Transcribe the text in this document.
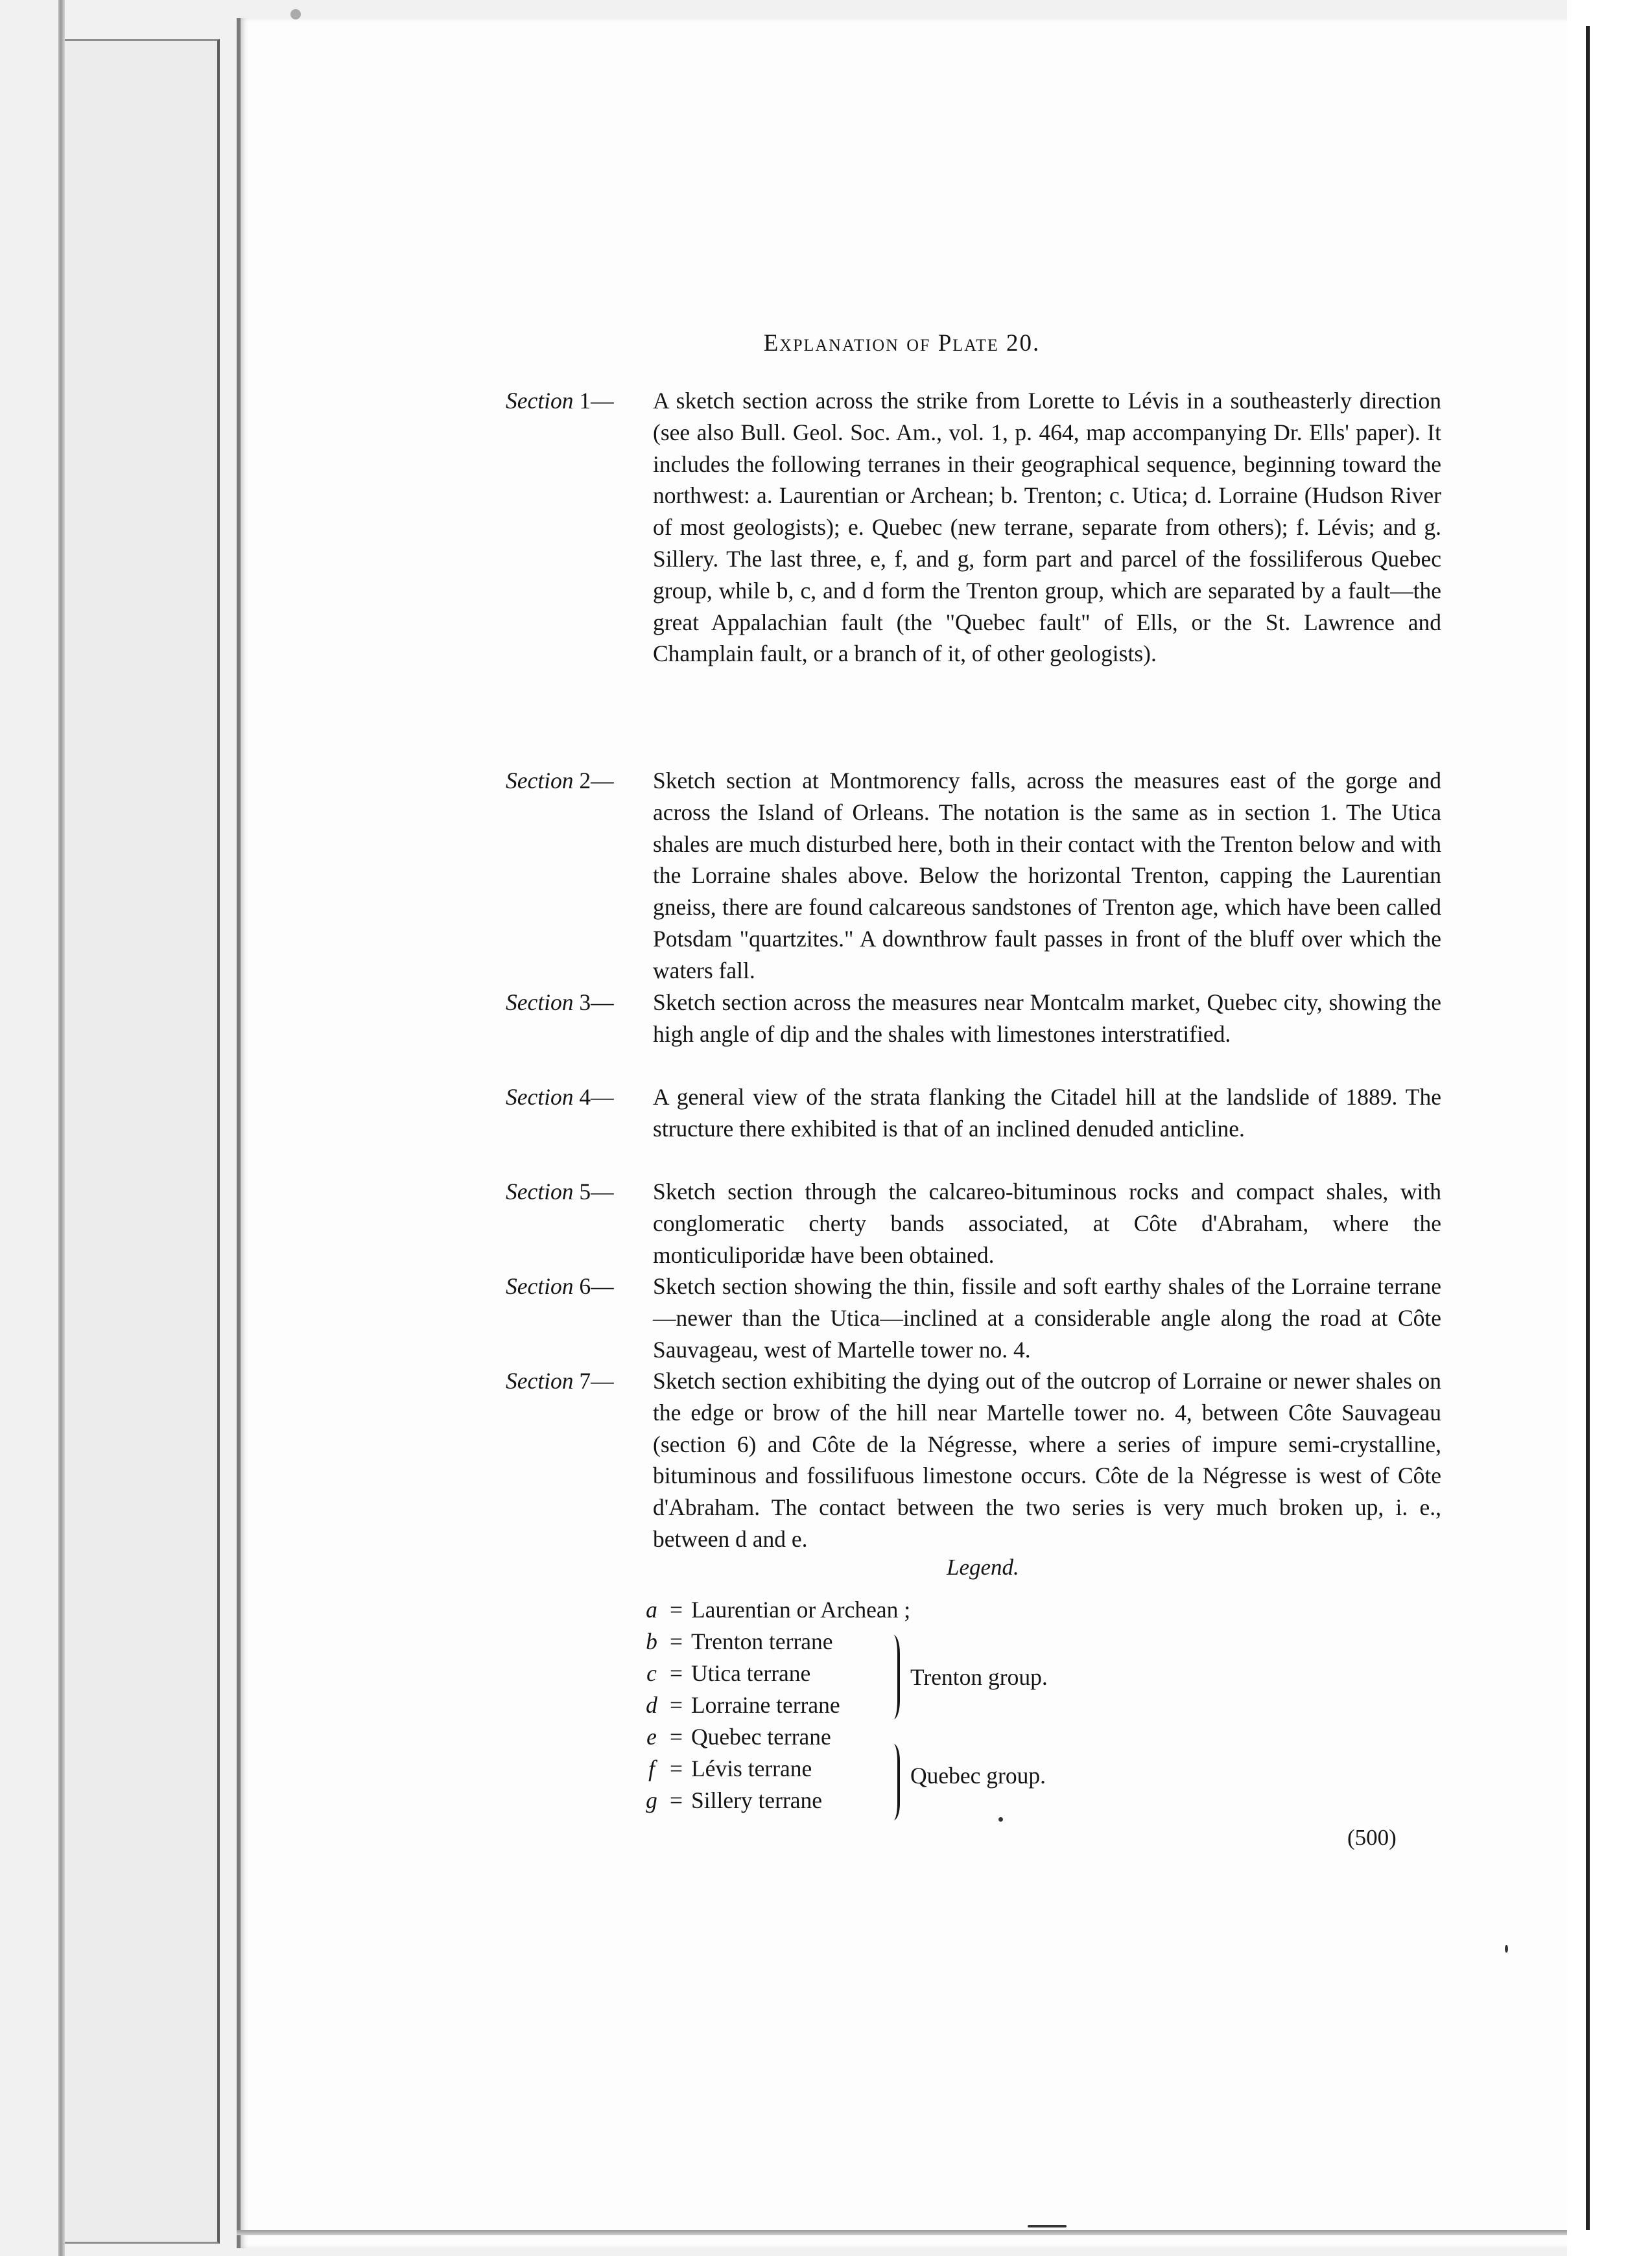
Explanation of Plate 20.
Section 1— A sketch section across the strike from Lorette to Lévis in a southeasterly direction (see also Bull. Geol. Soc. Am., vol. 1, p. 464, map accompanying Dr. Ells' paper). It includes the following terranes in their geographical sequence, beginning toward the northwest: a. Laurentian or Archean; b. Trenton; c. Utica; d. Lorraine (Hudson River of most geologists); e. Quebec (new terrane, separate from others); f. Lévis; and g. Sillery. The last three, e, f, and g, form part and parcel of the fossiliferous Quebec group, while b, c, and d form the Trenton group, which are separated by a fault—the great Appalachian fault (the "Quebec fault" of Ells, or the St. Lawrence and Champlain fault, or a branch of it, of other geologists).
Section 2— Sketch section at Montmorency falls, across the measures east of the gorge and across the Island of Orleans. The notation is the same as in section 1. The Utica shales are much disturbed here, both in their contact with the Trenton below and with the Lorraine shales above. Below the horizontal Trenton, capping the Laurentian gneiss, there are found calcareous sandstones of Trenton age, which have been called Potsdam "quartzites." A downthrow fault passes in front of the bluff over which the waters fall.
Section 3— Sketch section across the measures near Montcalm market, Quebec city, showing the high angle of dip and the shales with limestones interstratified.
Section 4— A general view of the strata flanking the Citadel hill at the landslide of 1889. The structure there exhibited is that of an inclined denuded anticline.
Section 5— Sketch section through the calcareo-bituminous rocks and compact shales, with conglomeratic cherty bands associated, at Côte d'Abraham, where the monticuliporidæ have been obtained.
Section 6— Sketch section showing the thin, fissile and soft earthy shales of the Lorraine terrane—newer than the Utica—inclined at a considerable angle along the road at Côte Sauvageau, west of Martelle tower no. 4.
Section 7— Sketch section exhibiting the dying out of the outcrop of Lorraine or newer shales on the edge or brow of the hill near Martelle tower no. 4, between Côte Sauvageau (section 6) and Côte de la Négresse, where a series of impure semi-crystalline, bituminous and fossilifuous limestone occurs. Côte de la Négresse is west of Côte d'Abraham. The contact between the two series is very much broken up, i. e., between d and e.
Legend.
a = Laurentian or Archean ;
b = Trenton terrane
c = Utica terrane
d = Lorraine terrane
e = Quebec terrane
f = Lévis terrane
g = Sillery terrane
Trenton group.
Quebec group.
(500)
